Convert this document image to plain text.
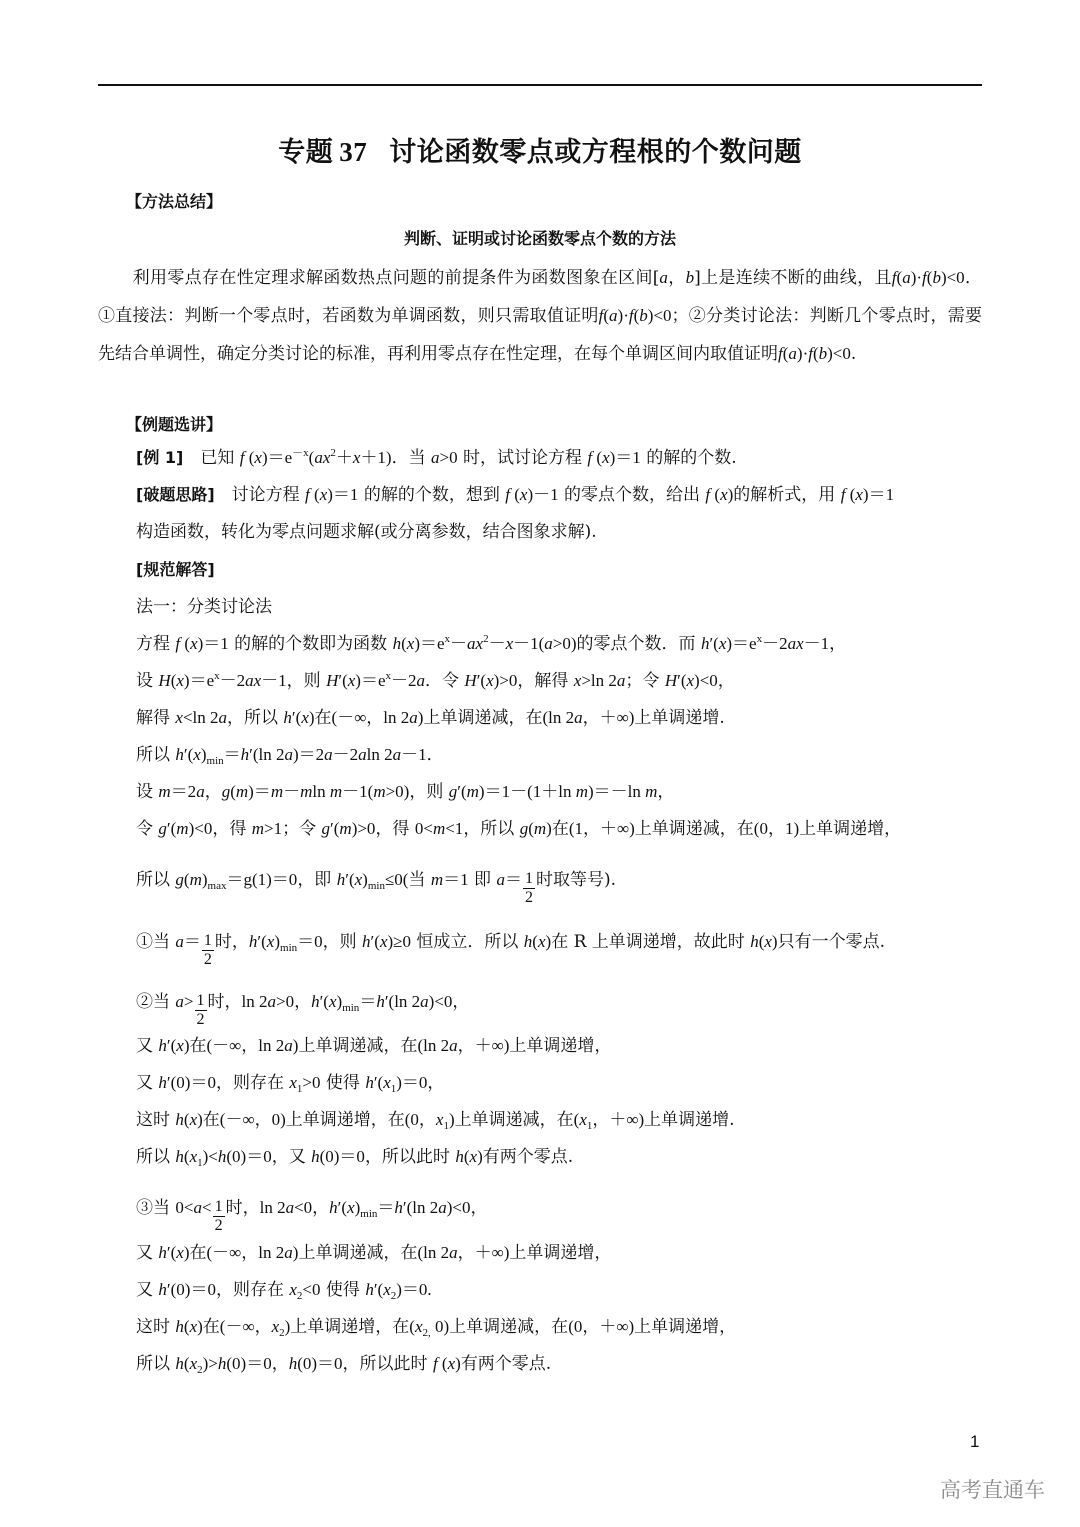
专题 37 讨论函数零点或方程根的个数问题
【方法总结】
判断、证明或讨论函数零点个数的方法
　　利用零点存在性定理求解函数热点问题的前提条件为函数图象在区间[a，b]上是连续不断的曲线，且f(a)·f(b)<0．①直接法：判断一个零点时，若函数为单调函数，则只需取值证明f(a)·f(b)<0；②分类讨论法：判断几个零点时，需要先结合单调性，确定分类讨论的标准，再利用零点存在性定理，在每个单调区间内取值证明f(a)·f(b)<0.
【例题选讲】
[例 1]　已知 f $(x)=e^{-x}(ax^2+x+1)$．当 a>0 时，试讨论方程 f (x)＝1 的解的个数.
[破题思路]　讨论方程 f (x)＝1 的解的个数，想到 f (x)－1 的零点个数，给出 f (x)的解析式，用 f (x)＝1
构造函数，转化为零点问题求解(或分离参数，结合图象求解).
[规范解答]
法一：分类讨论法
方程 f (x)＝1 的解的个数即为函数 $h(x)=e^x-ax^2-x-1(a>0)$的零点个数．而 $h'(x)=e^x-2ax-1$，
设 $H(x)=e^x-2ax-1$，则 $H'(x)=e^x-2a$．令 H′(x)>0，解得 x>ln 2a；令 H′(x)<0，
解得 x<ln 2a，所以 h′(x)在(－∞，ln 2a)上单调递减，在(ln 2a，＋∞)上单调递增.
所以 $h'(x)_{min}=h'(\ln$ 2a)＝2a－2aln 2a－1．
设 m＝2a，g(m)＝m－mln m－1(m>0)，则 g′(m)＝1－(1＋ln m)＝－ln m，
令 g′(m)<0，得 m>1；令 g′(m)>0，得 0<m<1，所以 g(m)在(1，＋∞)上单调递减，在(0，1)上单调递增，
所以 $g(m)_{max}=g(1)=0$，即 $h'(x)_{min}\le 0$(当 m＝1 即 $a= \frac{1}{2}$ 时取等号).
①当 $a= \frac{1}{2}$ 时，$h'(x)_{min}=0$，则 h′(x)≥0 恒成立．所以 h(x)在 R 上单调递增，故此时 h(x)只有一个零点.
②当 $a> \frac{1}{2}$ 时，ln 2a>0，$h'(x)_{min}=h'(\ln$ 2a)<0，
又 h′(x)在(－∞，ln 2a)上单调递减，在(ln 2a，＋∞)上单调递增，
又 h′(0)＝0，则存在 $x_1>0$ 使得 $h'(x_1)=0$，
这时 h(x)在(－∞，0)上单调递增，在(0，$x_1$)上单调递减，在($x_1$，＋∞)上单调递增.
所以 $h(x_1)<h(0)=0$，又 h(0)＝0，所以此时 h(x)有两个零点.
③当 $0<a< \frac{1}{2}$ 时，ln 2a<0，$h'(x)_{min}=h'(\ln$ 2a)<0，
又 h′(x)在(－∞，ln 2a)上单调递减，在(ln 2a，＋∞)上单调递增，
又 h′(0)＝0，则存在 $x_2<0$ 使得 $h'(x_2)=0$.
这时 h(x)在(－∞，$x_2$)上单调递增，在($x_{2,}$ 0)上单调递减，在(0，＋∞)上单调递增，
所以 $h(x_2)>h(0)=0$，h(0)＝0，所以此时 f (x)有两个零点.
1
高考直通车
